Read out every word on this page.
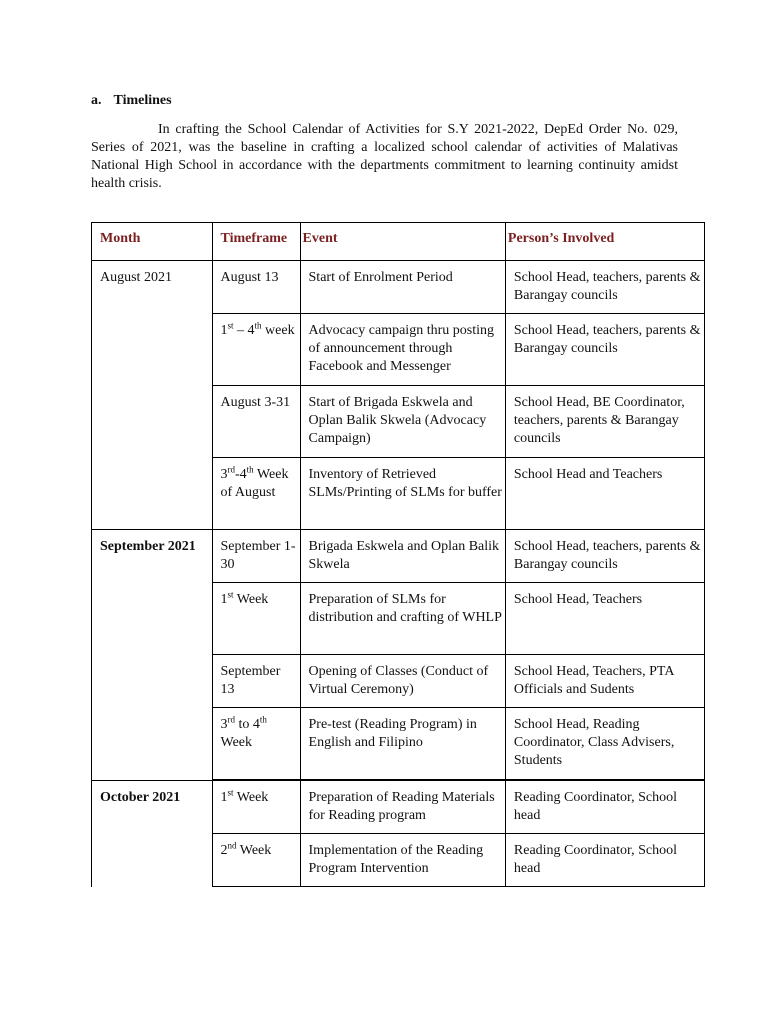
a. Timelines

In crafting the School Calendar of Activities for S.Y 2021-2022, DepEd Order No. 029, Series of 2021, was the baseline in crafting a localized school calendar of activities of Malativas National High School in accordance with the departments commitment to learning continuity amidst health crisis.

Month	Timeframe	Event	Person’s Involved
August 2021	August 13	Start of Enrolment Period	School Head, teachers, parents & Barangay councils
	1st – 4th week	Advocacy campaign thru posting of announcement through Facebook and Messenger	School Head, teachers, parents & Barangay councils
	August 3-31	Start of Brigada Eskwela and Oplan Balik Skwela (Advocacy Campaign)	School Head, BE Coordinator, teachers, parents & Barangay councils
	3rd-4th Week of August	Inventory of Retrieved SLMs/Printing of SLMs for buffer	School Head and Teachers
September 2021	September 1-30	Brigada Eskwela and Oplan Balik Skwela	School Head, teachers, parents & Barangay councils
	1st Week	Preparation of SLMs for distribution and crafting of WHLP	School Head, Teachers
	September 13	Opening of Classes (Conduct of Virtual Ceremony)	School Head, Teachers, PTA Officials and Sudents
	3rd to 4th Week	Pre-test (Reading Program) in English and Filipino	School Head, Reading Coordinator, Class Advisers, Students
October 2021	1st Week	Preparation of Reading Materials for Reading program	Reading Coordinator, School head
	2nd Week	Implementation of the Reading Program Intervention	Reading Coordinator, School head
